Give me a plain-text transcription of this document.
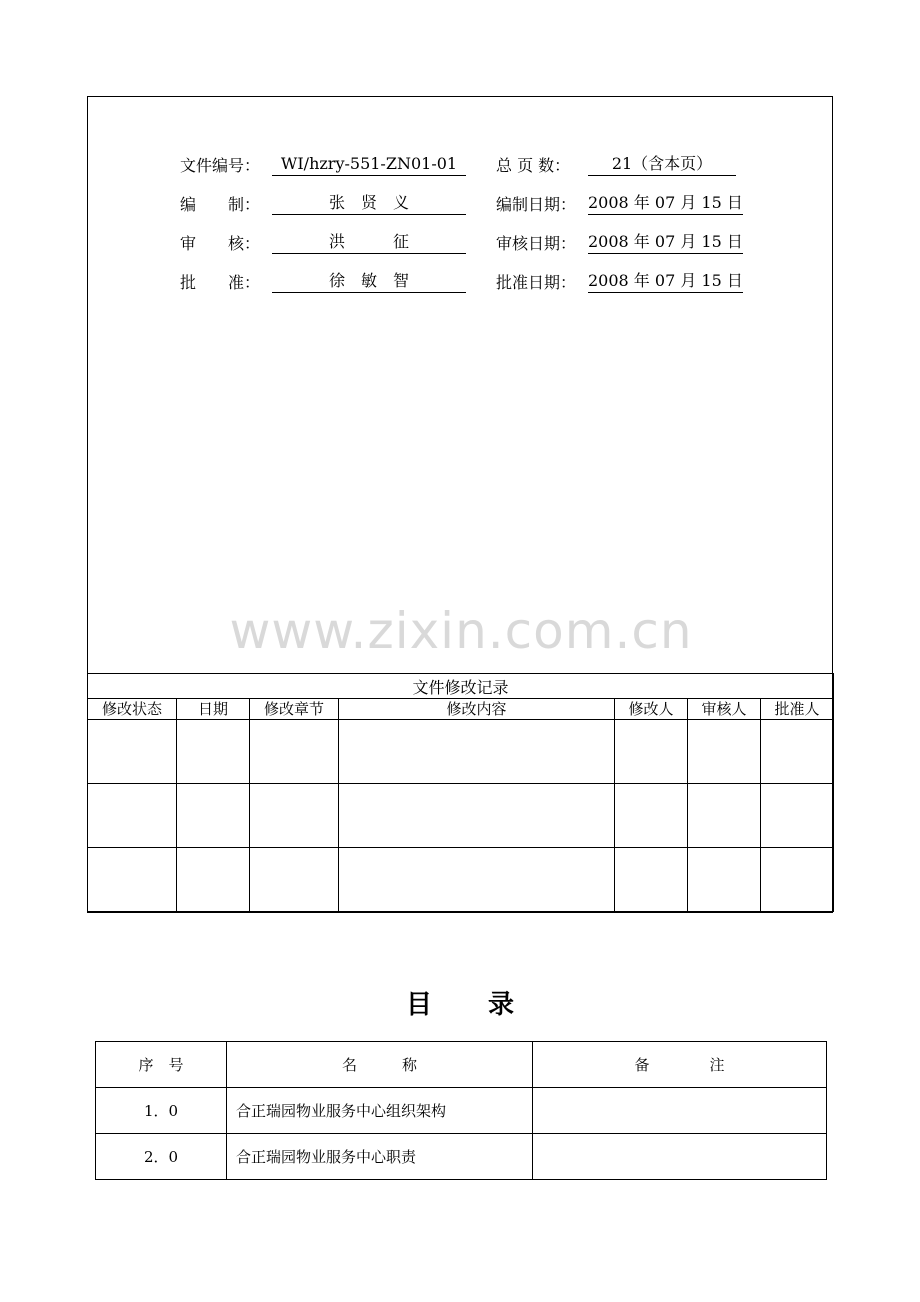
文件编号：	WI/hzry-551-ZN01-01	总 页 数：	21（含本页）
编　　制：	张　贤　义	编制日期： 2008 年 07 月 15 日
审　　核：	洪　　　征	审核日期： 2008 年 07 月 15 日
批　　准：	徐　敏　智	批准日期： 2008 年 07 月 15 日
www.zixin.com.cn
文件修改记录						
修改状态	日期	修改章节	修改内容	修改人	审核人	批准人

目 录
序　号	名　　　称	备　　　　注
1．0	合正瑞园物业服务中心组织架构	
2．0	合正瑞园物业服务中心职责	
